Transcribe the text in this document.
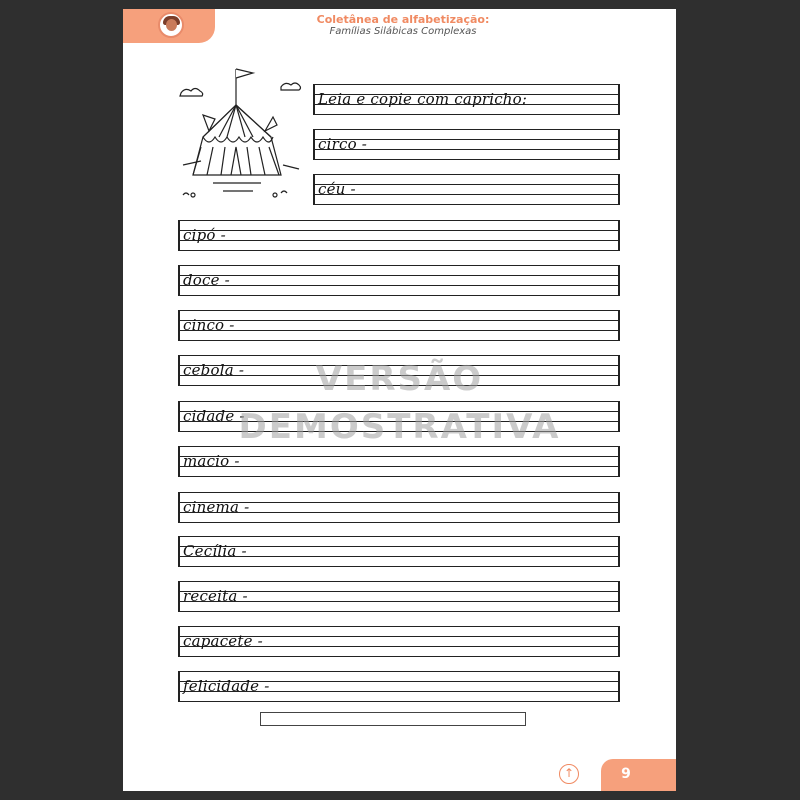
Coletânea de alfabetização:
Famílias Silábicas Complexas
Leia e copie com capricho:
circo -
céu -
cipó -
doce -
cinco -
cebola -
cidade -
macio -
cinema -
Cecília -
receita -
capacete -
felicidade -
VERSÃO
DEMOSTRATIVA
↑	9
